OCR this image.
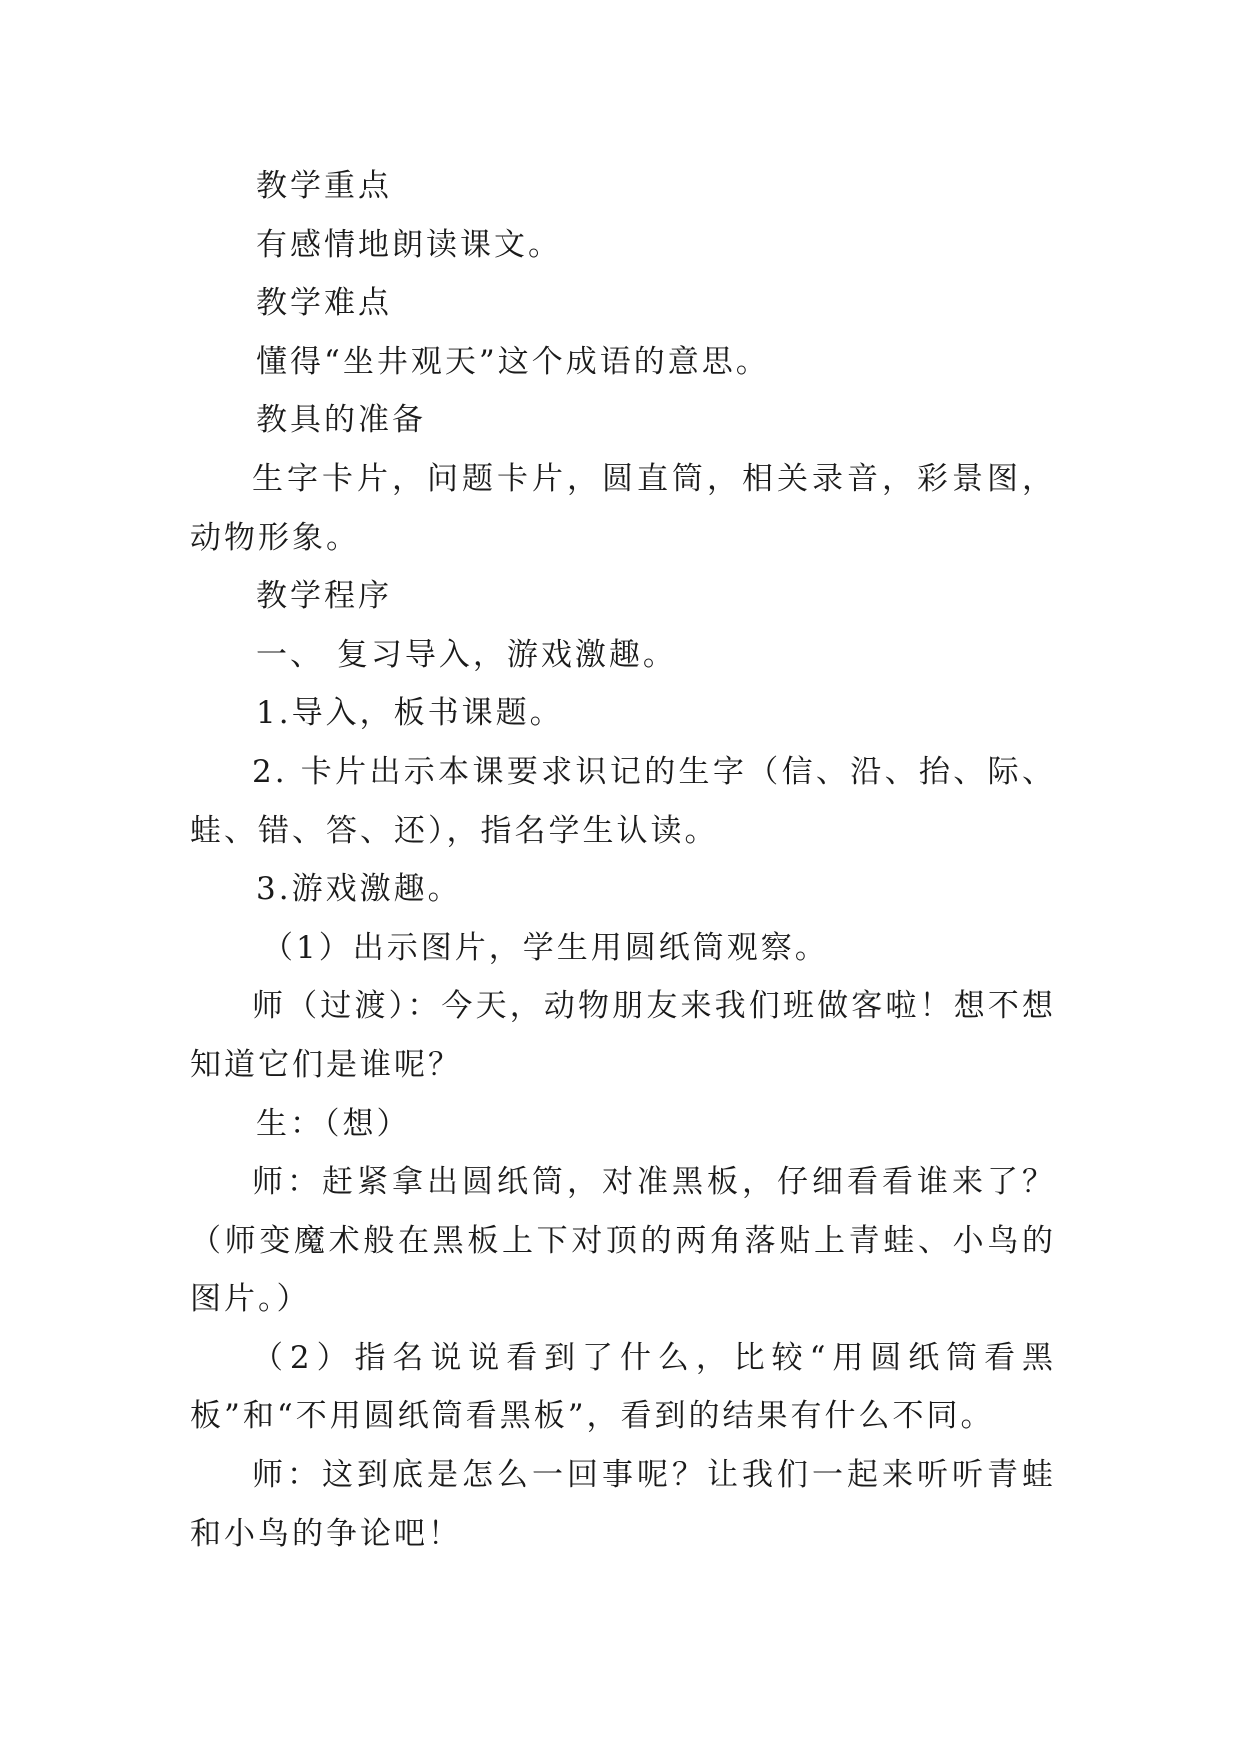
教学重点
有感情地朗读课文。
教学难点
懂得“坐井观天”这个成语的意思。
教具的准备

生字卡片，问题卡片，圆直筒，相关录音，彩景图，动物形象。

教学程序
一、 复习导入，游戏激趣。
1.导入，板书课题。

2. 卡片出示本课要求识记的生字（信、沿、抬、际、蛙、错、答、还），指名学生认读。

3.游戏激趣。
（1）出示图片，学生用圆纸筒观察。

师（过渡）：今天，动物朋友来我们班做客啦！想不想知道它们是谁呢？

生：（想）

师：赶紧拿出圆纸筒，对准黑板，仔细看看谁来了？（师变魔术般在黑板上下对顶的两角落贴上青蛙、小鸟的图片。）

（2）指名说说看到了什么，比较“用圆纸筒看黑板”和“不用圆纸筒看黑板”，看到的结果有什么不同。

师：这到底是怎么一回事呢？让我们一起来听听青蛙和小鸟的争论吧！
